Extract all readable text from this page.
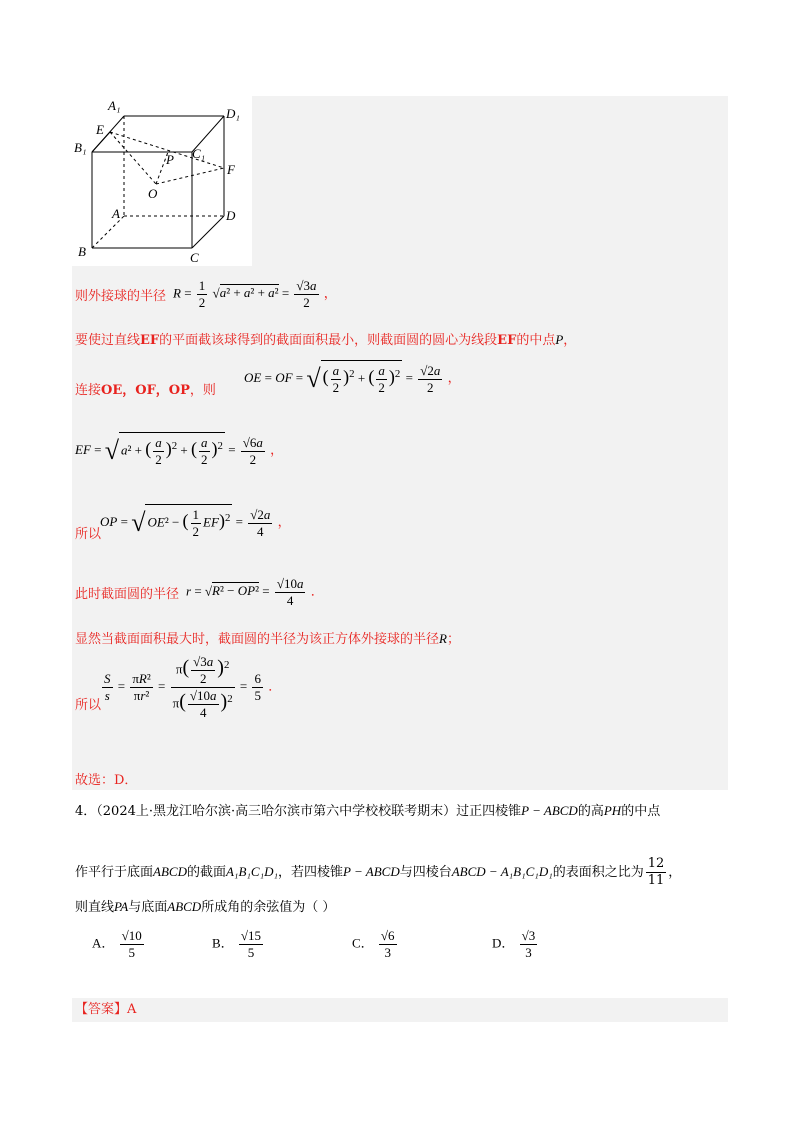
A₁
D₁
E
B₁
P C₁
F
O
A	D
B	C
则外接球的半径 $R = \frac{1}{2} √a^2 + a^2 + a^2 = \frac{√3a}{2}$ ，
要使过直线EF的平面截该球得到的截面面积最小，则截面圆的圆心为线段EF的中点P，
连接OE，OF，OP，则
OE = OF = √ ( $\frac{a}{2} )^2$ + ( $\frac{a}{2} )^2 = \frac{√2a}{2}$ ，
EF = √ a² + ( $\frac{a}{2} )^2$ + ( $\frac{a}{2} )^2 = \frac{√6a}{2}$ ，
所以
OP = √ OE² − ( $\frac{1}{2} EF)^2 = \frac{√2a}{4}$ ，
此时截面圆的半径 $r = √R^2 - OP^2 = \frac{√10a}{4}$ ．
显然当截面面积最大时，截面圆的半径为该正方体外接球的半径R；
所以
$\frac{S}{s} = \frac{\text{πR²}}{\text{πr²}} = \frac{\pi( \frac{√3a}{2} )^2}{\pi( \frac{√10a}{4} )^2} = \frac{6}{5}$ ．
故选：D．
4．（2024上·黑龙江哈尔滨·高三哈尔滨市第六中学校校联考期末）过正四棱锥P − ABCD的高PH的中点
作平行于底面ABCD的截面A₁B₁C₁D₁，若四棱锥P − ABCD与四棱台ABCD − A₁B₁C₁D₁的表面积之比为 $\frac{12}{11}$ ，
则直线PA与底面ABCD所成角的余弦值为（ ）
A． $\frac{√10}{5}$	B． $\frac{√15}{5}$	C． $\frac{√6}{3}$	D． $\frac{√3}{3}$
【答案】A
